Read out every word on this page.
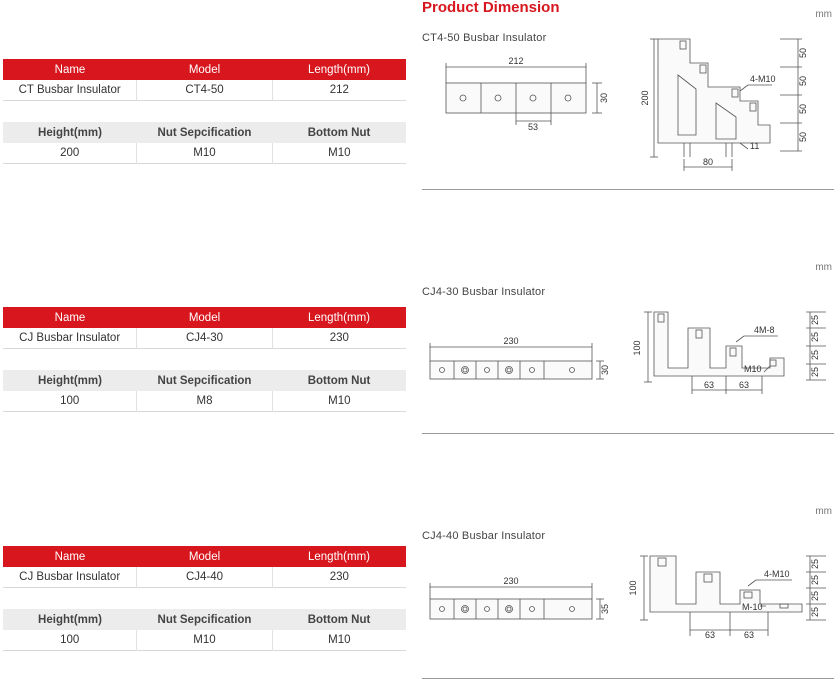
Product Dimension	mm
Name	Model	Length(mm)
CT Busbar Insulator	CT4-50	212
Height(mm)	Nut Sepcification	Bottom Nut
200	M10	M10
Name	Model	Length(mm)
CJ Busbar Insulator	CJ4-30	230
Height(mm)	Nut Sepcification	Bottom Nut
100	M8	M10
Name	Model	Length(mm)
CJ Busbar Insulator	CJ4-40	230
Height(mm)	Nut Sepcification	Bottom Nut
100	M10	M10
CT4-50 Busbar Insulator
212
30
53
200
50
50
50
50
4-M10
80
11
mm
CJ4-30 Busbar Insulator
230
30
100
25
25
25
25
4M-8
M10
63	63
mm
CJ4-40 Busbar Insulator
230
35
100
25
25
25
25
4-M10
M-10
63	63
